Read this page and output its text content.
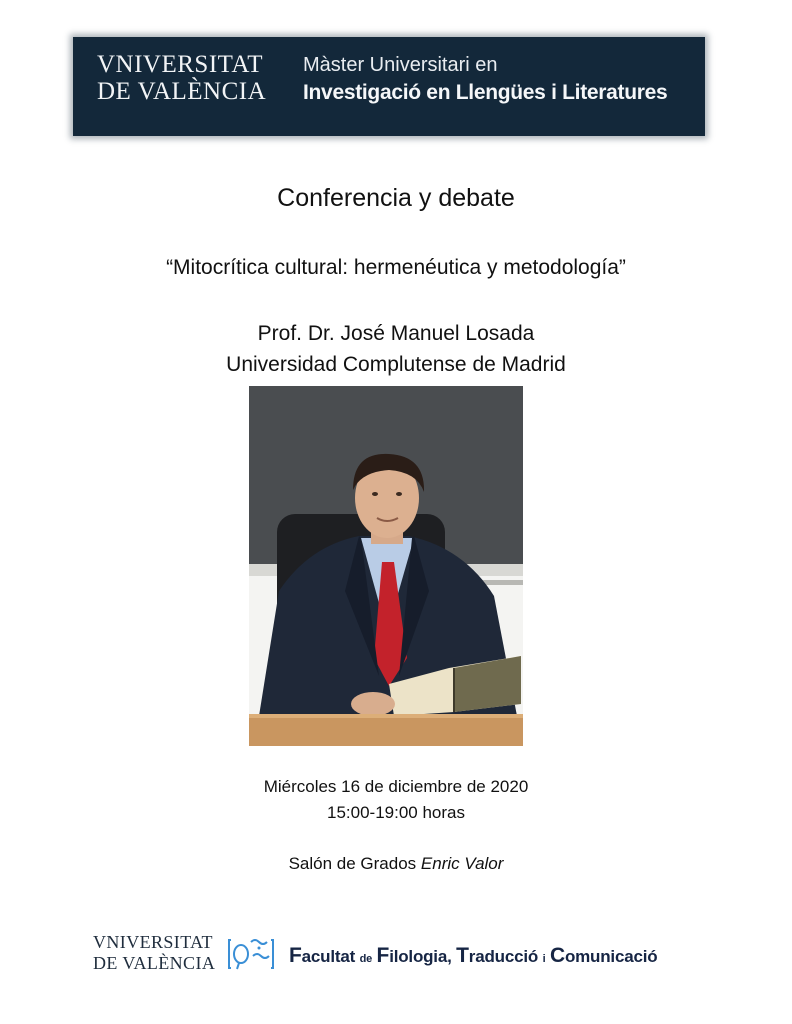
VNIVERSITAT
DE VALÈNCIA
Màster Universitari en
Investigació en Llengües i Literatures
Conferencia y debate
“Mitocrítica cultural: hermenéutica y metodología”
Prof. Dr. José Manuel Losada
Universidad Complutense de Madrid
Miércoles 16 de diciembre de 2020
15:00-19:00 horas
Salón de Grados Enric Valor
VNIVERSITAT
DE VALÈNCIA	Facultat de Filologia, Traducció i Comunicació
